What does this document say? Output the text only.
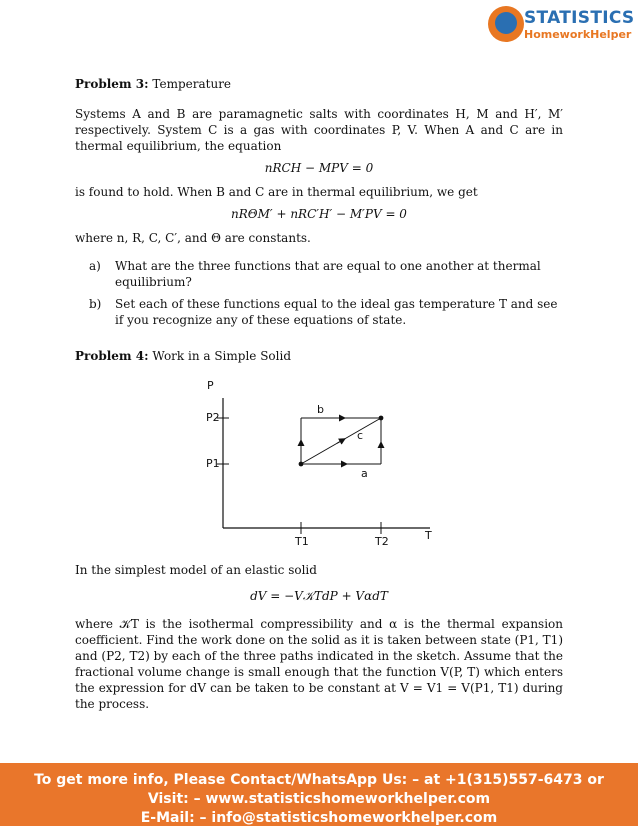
STATISTICS
HomeworkHelper
Problem 3: Temperature

Systems A and B are paramagnetic salts with coordinates H, M and H′, M′ respectively. System C is a gas with coordinates P, V. When A and C are in thermal equilibrium, the equation

nRCH − MPV = 0

is found to hold. When B and C are in thermal equilibrium, we get

nRΘM′ + nRC′H′ − M′PV = 0

where n, R, C, C′, and Θ are constants.

a) What are the three functions that are equal to one another at thermal equilibrium?
b) Set each of these functions equal to the ideal gas temperature T and see if you recognize any of these equations of state.
Problem 4: Work in a Simple Solid
P
T
P2
P1
T1	T2
b
c
a

In the simplest model of an elastic solid

dV = −V𝒦TdP + VαdT

where 𝒦T is the isothermal compressibility and α is the thermal expansion coefficient. Find the work done on the solid as it is taken between state (P1, T1) and (P2, T2) by each of the three paths indicated in the sketch. Assume that the fractional volume change is small enough that the function V(P, T) which enters the expression for dV can be taken to be constant at V = V1 = V(P1, T1) during the process.

To get more info, Please Contact/WhatsApp Us: – at +1(315)557-6473 or
Visit: – www.statisticshomeworkhelper.com
E-Mail: – info@statisticshomeworkhelper.com
